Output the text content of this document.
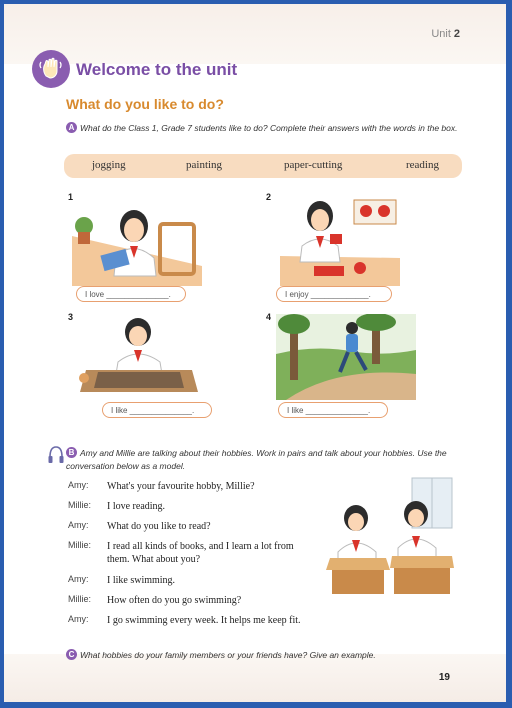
Unit 2
Welcome to the unit
What do you like to do?
A What do the Class 1, Grade 7 students like to do? Complete their answers with the words in the box.
jogging	painting	paper-cutting	reading
1
I love ______________.
2
I enjoy _____________.
3
I like ______________.
4
I like ______________.
B Amy and Millie are talking about their hobbies. Work in pairs and talk about your hobbies. Use the conversation below as a model.
Amy: What's your favourite hobby, Millie?
Millie: I love reading.
Amy: What do you like to read?
Millie: I read all kinds of books, and I learn a lot from them. What about you?
Amy: I like swimming.
Millie: How often do you go swimming?
Amy: I go swimming every week. It helps me keep fit.
C What hobbies do your family members or your friends have? Give an example.
19
